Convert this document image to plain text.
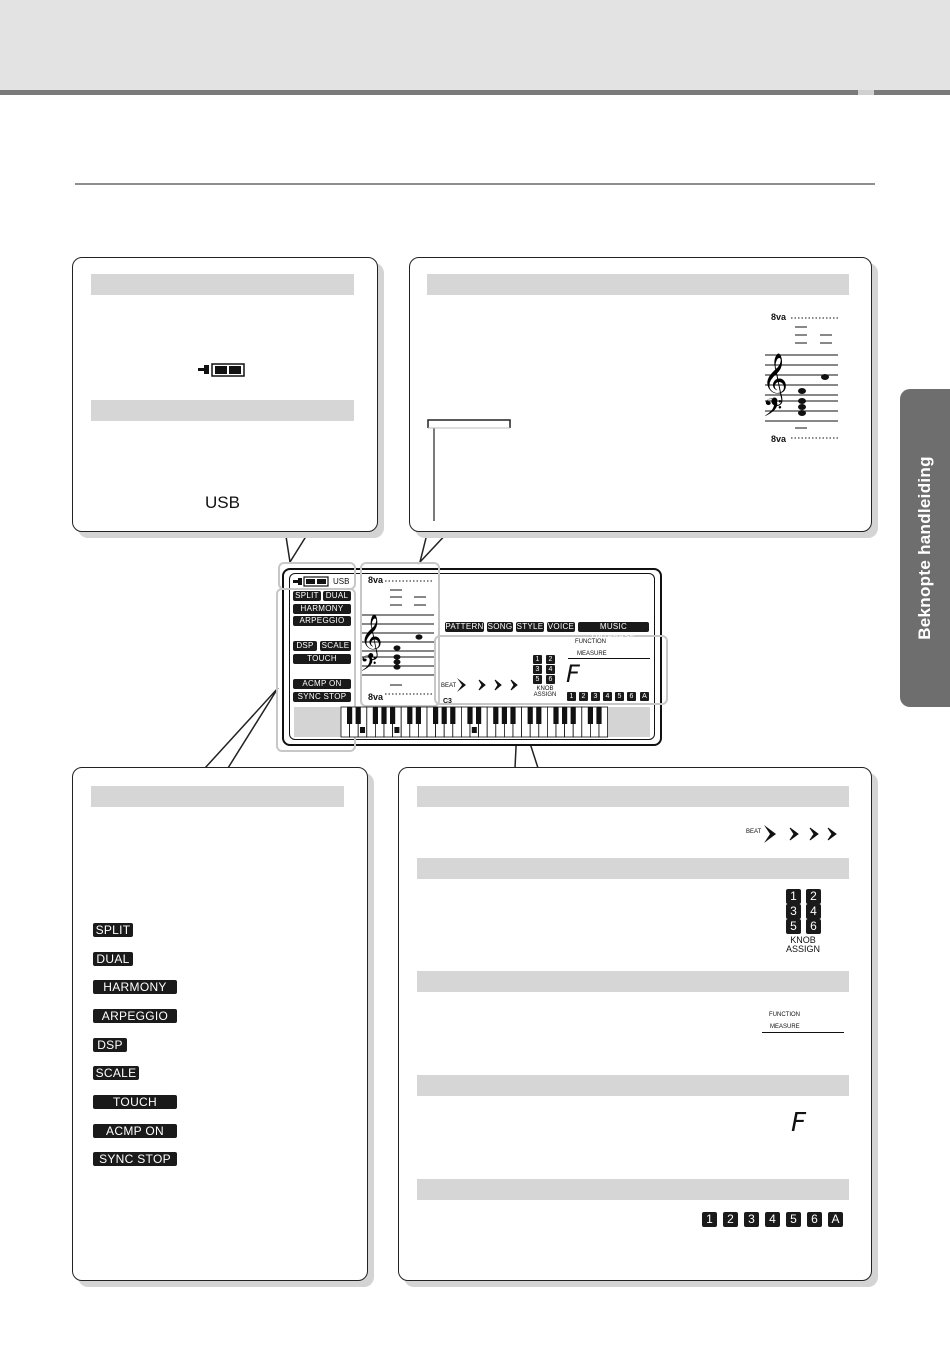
Beknopte handleiding
USB
8va
8va
𝄞
𝄢
USB
SPLIT DUAL
HARMONY
ARPEGGIO
DSP SCALE
TOUCH
ACMP ON
SYNC STOP
8va
8va
𝄞
𝄢
PATTERN SONG STYLE VOICE	MUSIC DATABASE
FUNCTION
MEASURE
F
1	2
3	4
5	6
KNOB
ASSIGN
BEAT
C3
1	2	3	4	5	6	A
SPLIT
DUAL
HARMONY
ARPEGGIO
DSP
SCALE
TOUCH
ACMP ON
SYNC STOP
BEAT
1	2
3	4
5	6
KNOB
ASSIGN
FUNCTION
MEASURE
F
1	2	3	4	5	6	A
